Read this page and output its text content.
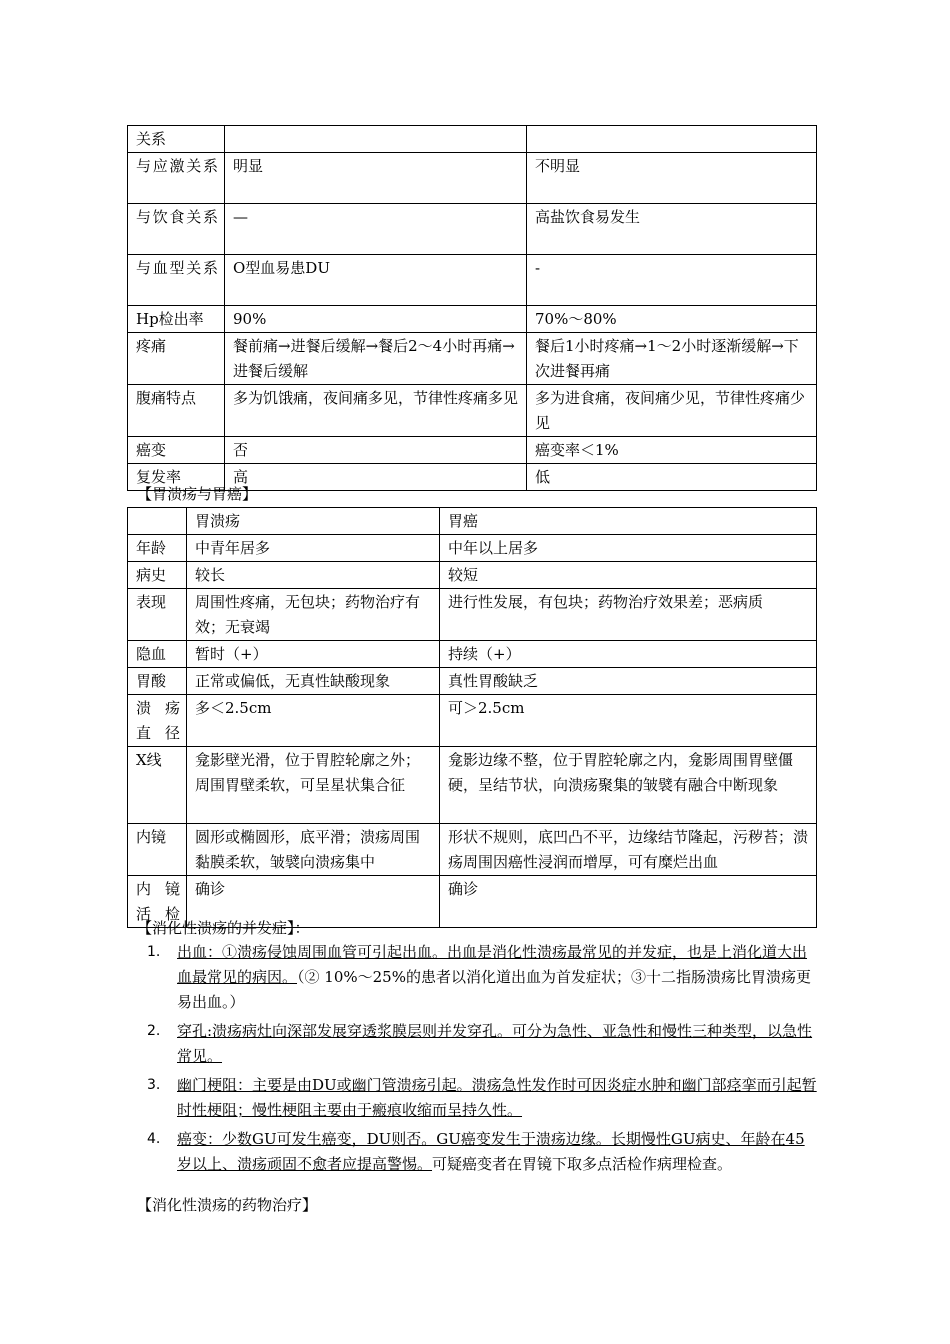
关系		
与应激关系	明显	不明显
与饮食关系	—	高盐饮食易发生
与血型关系	O型血易患DU	-
Hp检出率	90%	70%～80%
疼痛	餐前痛→进餐后缓解→餐后2～4小时再痛→进餐后缓解	餐后1小时疼痛→1～2小时逐渐缓解→下次进餐再痛
腹痛特点	多为饥饿痛，夜间痛多见，节律性疼痛多见	多为进食痛，夜间痛少见，节律性疼痛少见
癌变	否	癌变率＜1%
复发率	高	低
【胃溃疡与胃癌】
	胃溃疡	胃癌
年龄	中青年居多	中年以上居多
病史	较长	较短
表现	周围性疼痛，无包块；药物治疗有效；无衰竭	进行性发展，有包块；药物治疗效果差；恶病质
隐血	暂时（+）	持续（+）
胃酸	正常或偏低，无真性缺酸现象	真性胃酸缺乏
溃疡直径	多＜2.5cm	可＞2.5cm
X线	龛影壁光滑，位于胃腔轮廓之外；周围胃壁柔软，可呈星状集合征	龛影边缘不整，位于胃腔轮廓之内，龛影周围胃壁僵硬，呈结节状，向溃疡聚集的皱襞有融合中断现象
内镜	圆形或椭圆形，底平滑；溃疡周围黏膜柔软，皱襞向溃疡集中	形状不规则，底凹凸不平，边缘结节隆起，污秽苔；溃疡周围因癌性浸润而增厚，可有糜烂出血
内镜活检	确诊	确诊
【消化性溃疡的并发症】：
1. 出血：①溃疡侵蚀周围血管可引起出血。出血是消化性溃疡最常见的并发症，也是上消化道大出血最常见的病因。（② 10%～25%的患者以消化道出血为首发症状；③十二指肠溃疡比胃溃疡更易出血。）
2. 穿孔:溃疡病灶向深部发展穿透浆膜层则并发穿孔。可分为急性、亚急性和慢性三种类型，以急性常见。
3. 幽门梗阻：主要是由DU或幽门管溃疡引起。溃疡急性发作时可因炎症水肿和幽门部痉挛而引起暂时性梗阻；慢性梗阻主要由于瘢痕收缩而呈持久性。
4. 癌变：少数GU可发生癌变，DU则否。GU癌变发生于溃疡边缘。长期慢性GU病史、年龄在45岁以上、溃疡顽固不愈者应提高警惕。可疑癌变者在胃镜下取多点活检作病理检查。
【消化性溃疡的药物治疗】
